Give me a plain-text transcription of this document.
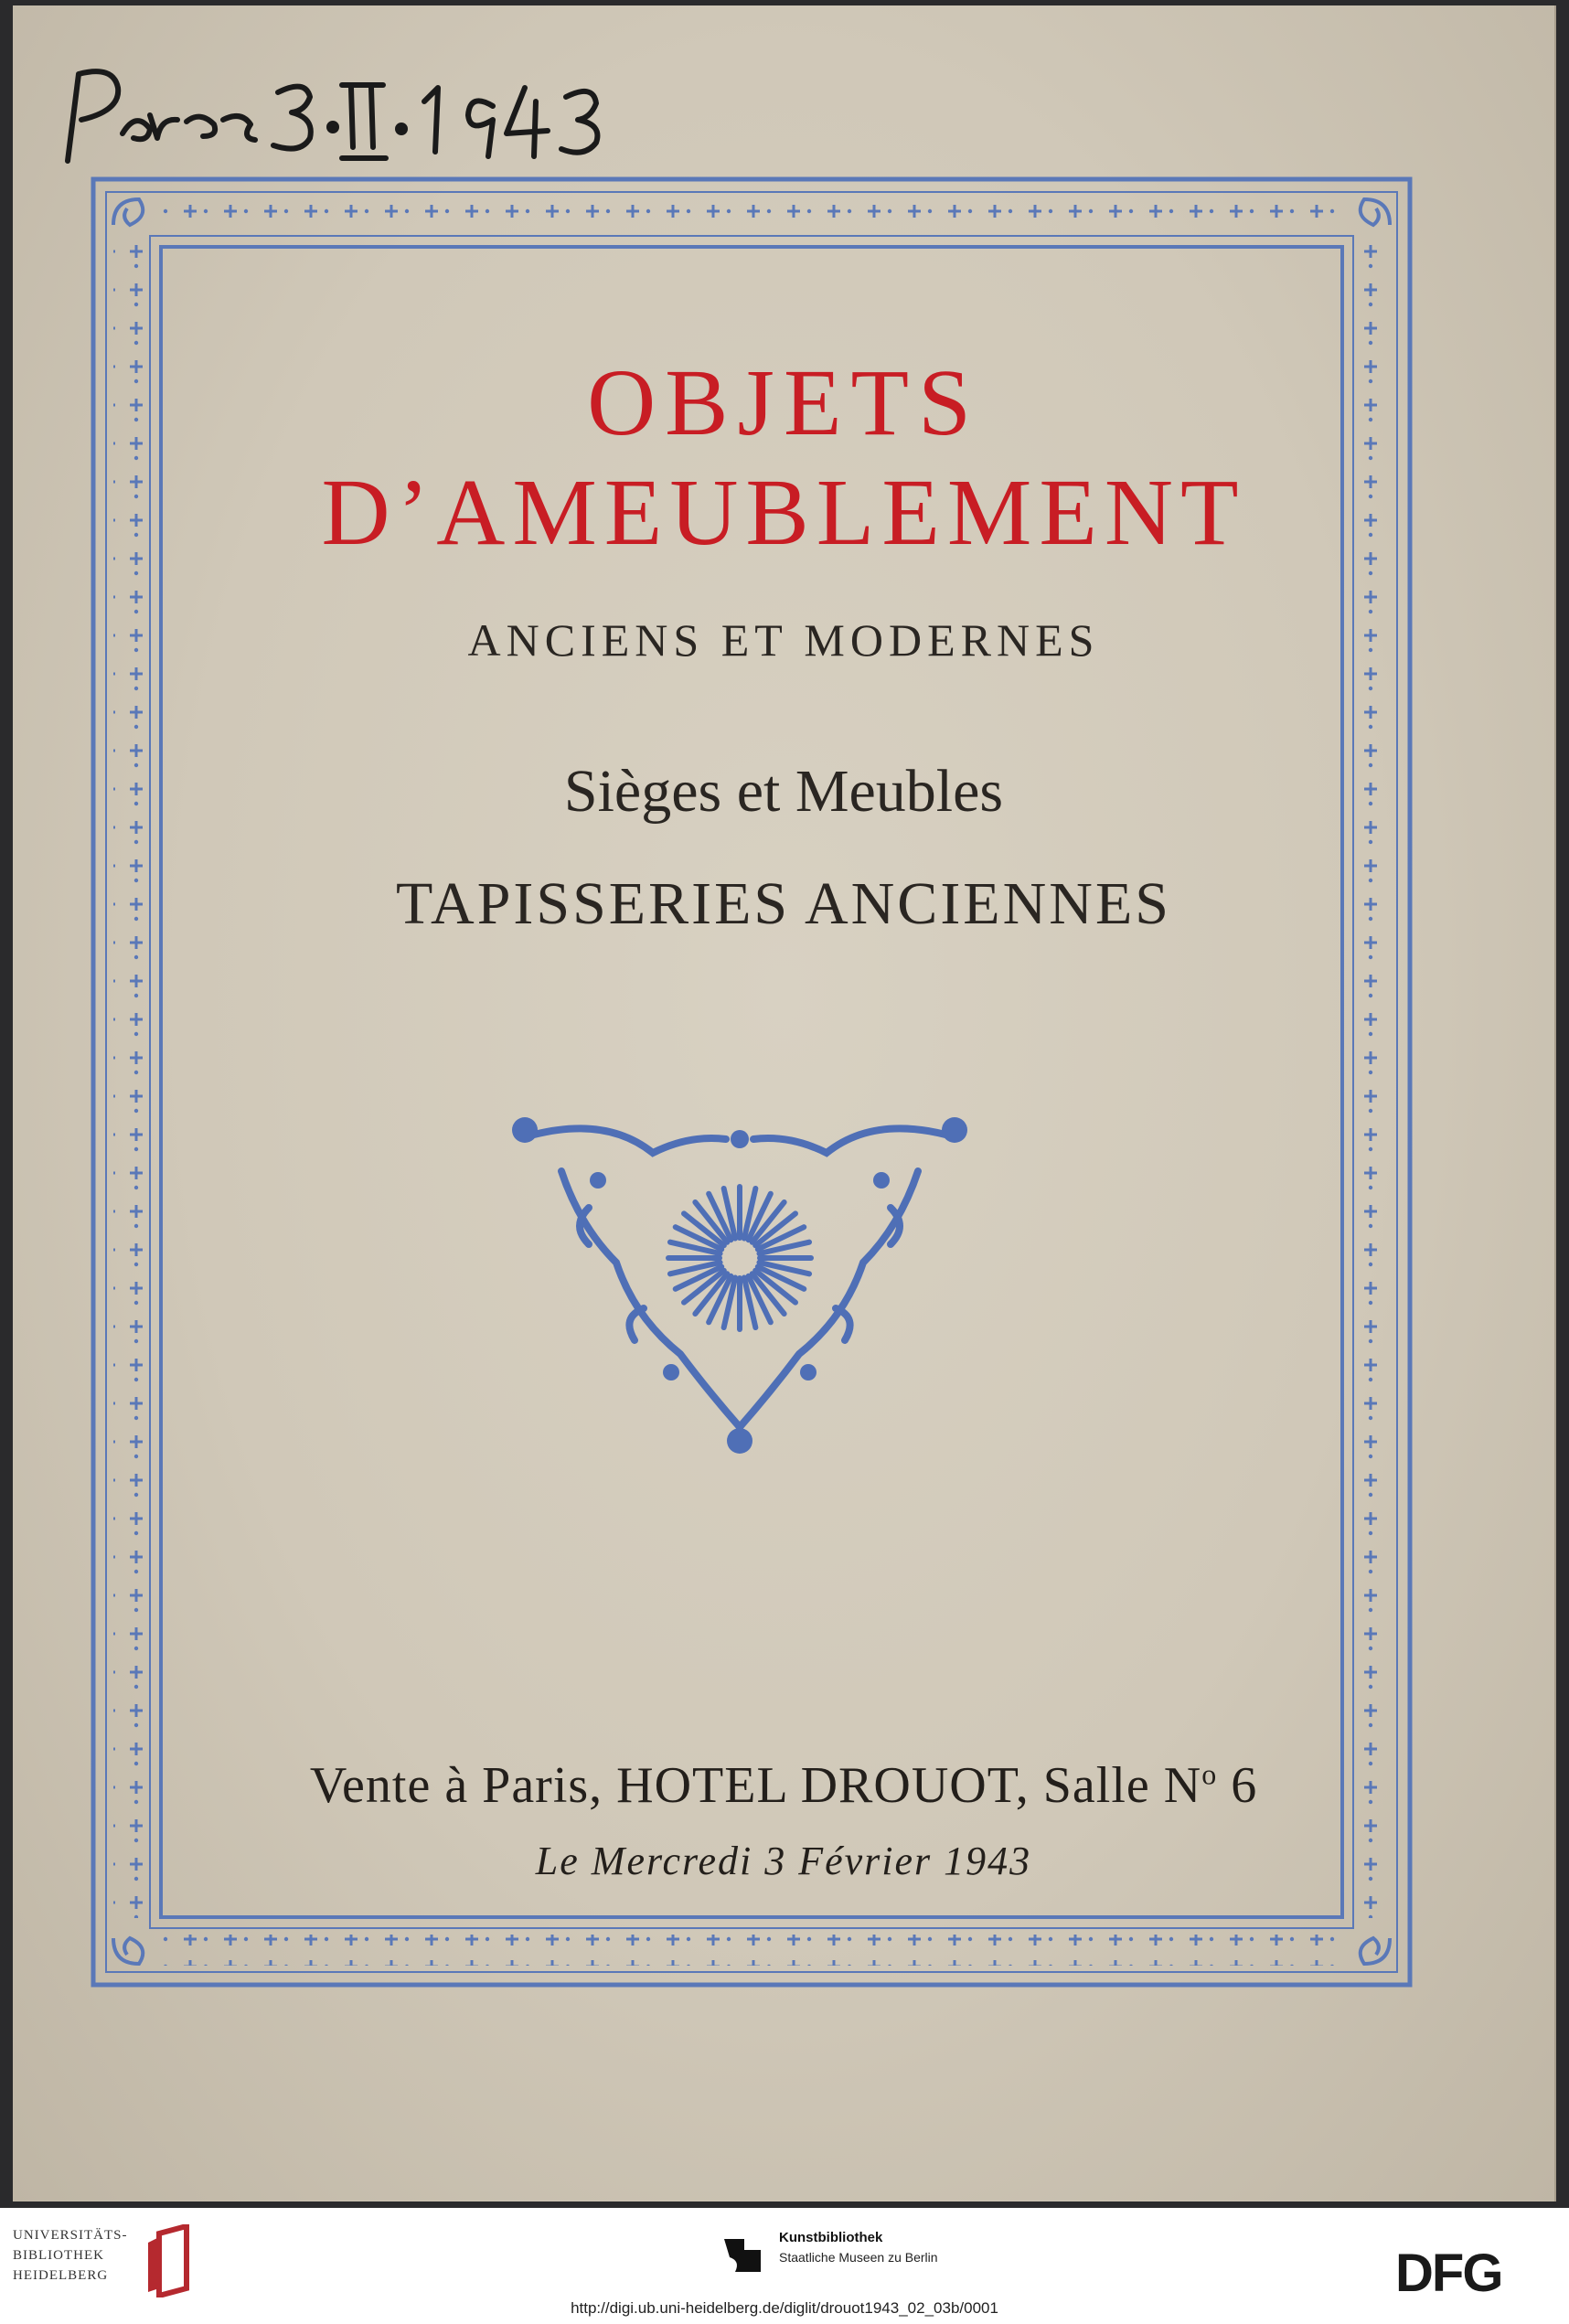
OBJETS
D’AMEUBLEMENT

ANCIENS ET MODERNES

Sièges et Meubles

TAPISSERIES ANCIENNES

Vente à Paris, HOTEL DROUOT, Salle $N^o$ 6

Le Mercredi 3 Février 1943

UNIVERSITÄTS-
BIBLIOTHEK
HEIDELBERG
Kunstbibliothek
Staatliche Museen zu Berlin	DFG
http://digi.ub.uni-heidelberg.de/diglit/drouot1943_02_03b/0001
